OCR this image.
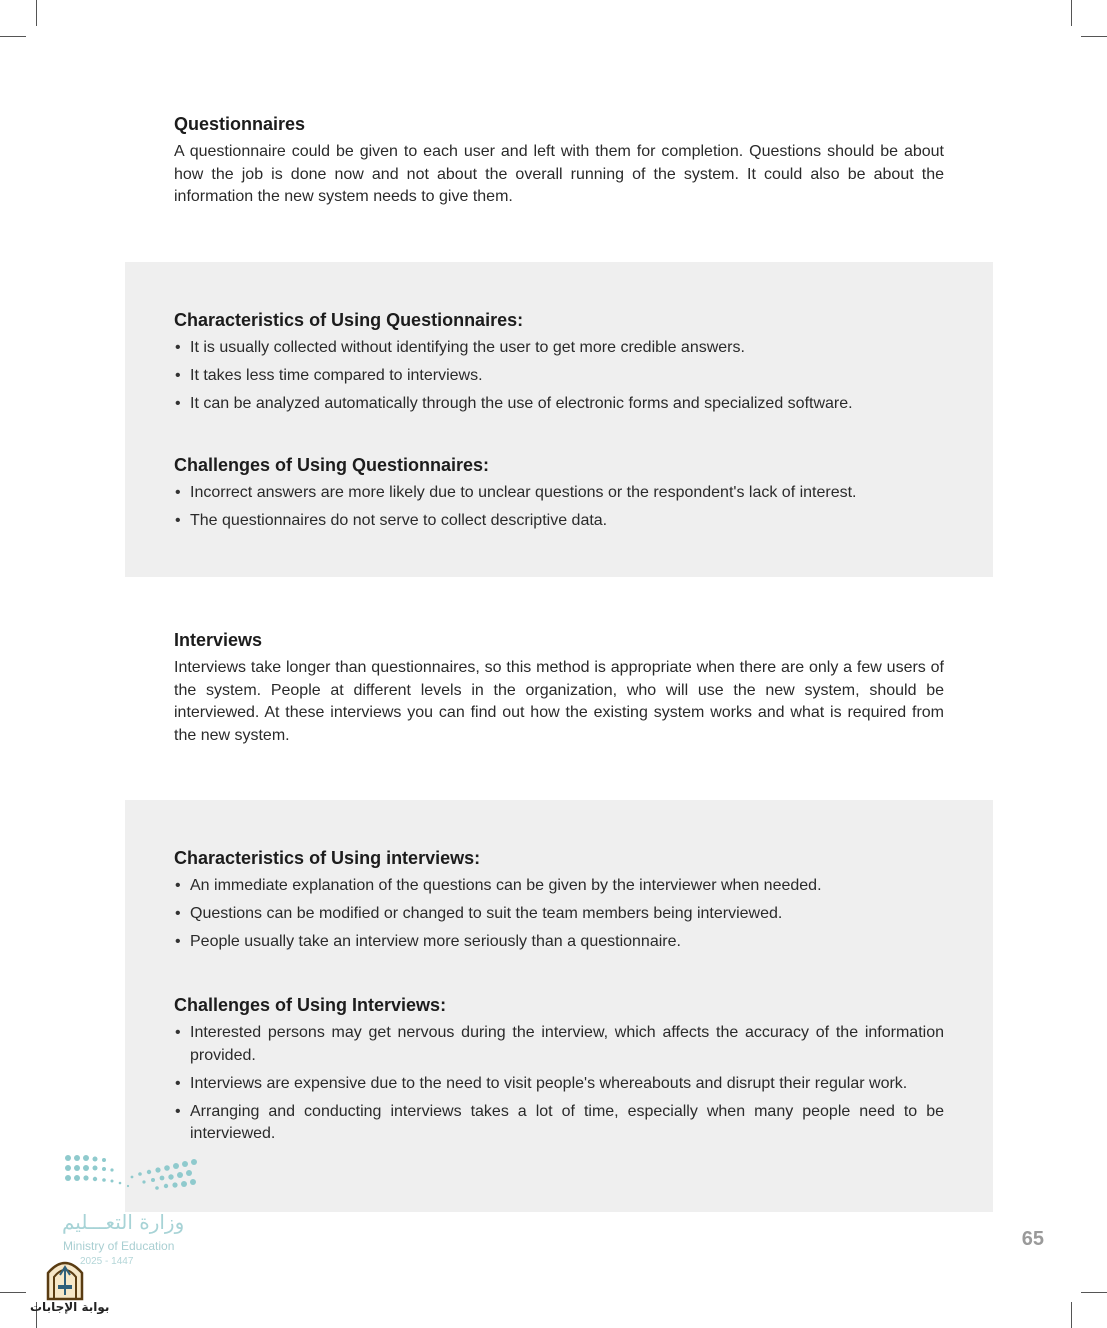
Questionnaires

A questionnaire could be given to each user and left with them for completion. Questions should be about how the job is done now and not about the overall running of the system. It could also be about the information the new system needs to give them.

Characteristics of Using Questionnaires:
• It is usually collected without identifying the user to get more credible answers.
• It takes less time compared to interviews.
• It can be analyzed automatically through the use of electronic forms and specialized software.
Challenges of Using Questionnaires:
• Incorrect answers are more likely due to unclear questions or the respondent's lack of interest.
• The questionnaires do not serve to collect descriptive data.
Interviews

Interviews take longer than questionnaires, so this method is appropriate when there are only a few users of the system. People at different levels in the organization, who will use the new system, should be interviewed. At these interviews you can find out how the existing system works and what is required from the new system.

Characteristics of Using interviews:
• An immediate explanation of the questions can be given by the interviewer when needed.
• Questions can be modified or changed to suit the team members being interviewed.
• People usually take an interview more seriously than a questionnaire.
Challenges of Using Interviews:
• Interested persons may get nervous during the interview, which affects the accuracy of the information provided.
• Interviews are expensive due to the need to visit people's whereabouts and disrupt their regular work.
• Arranging and conducting interviews takes a lot of time, especially when many people need to be interviewed.
وزارة التعـــليم
Ministry of Education
2025 - 1447
بوابة الإجابات
65
